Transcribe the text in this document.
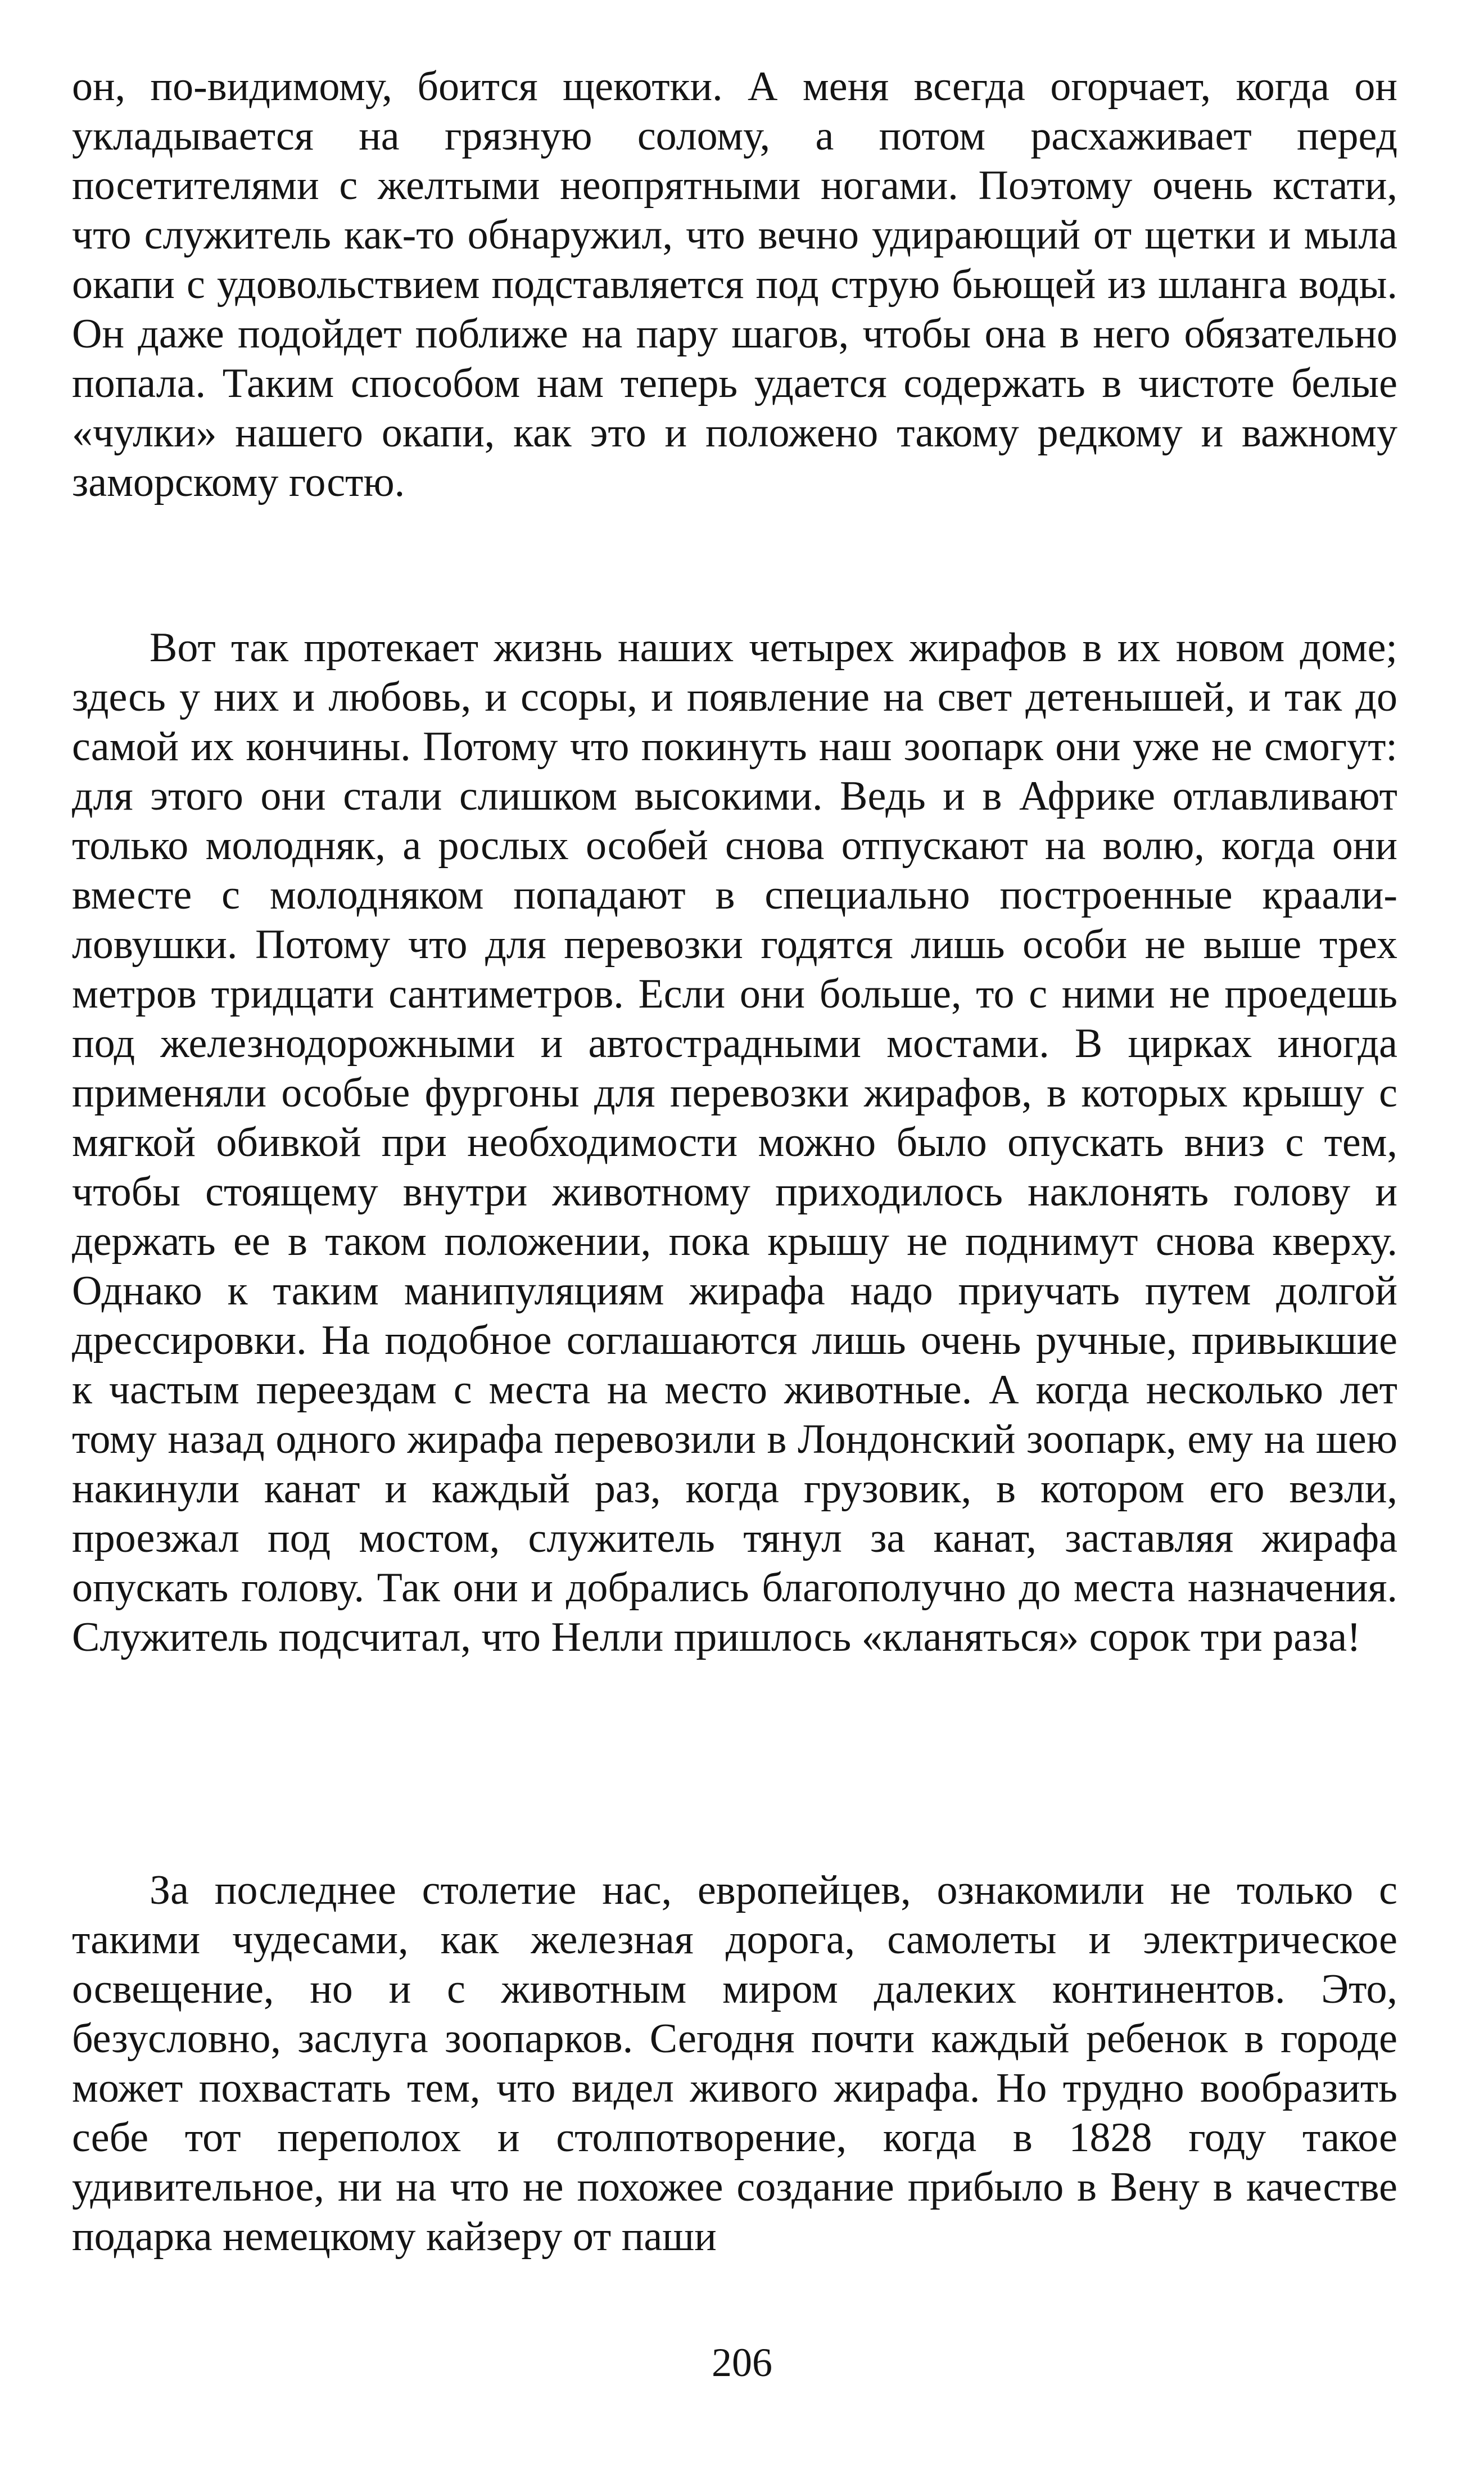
он, по-видимому, боится щекотки. А меня всегда огорчает, когда он укладывается на грязную солому, а потом расхаживает перед посетителями с желтыми неопрятными ногами. Поэтому очень кстати, что служитель как-то обнаружил, что вечно удирающий от щетки и мыла окапи с удовольствием подставляется под струю бьющей из шланга воды. Он даже подойдет поближе на пару шагов, чтобы она в него обязательно попала. Таким способом нам теперь удается содержать в чистоте белые «чулки» нашего окапи, как это и положено такому редкому и важному заморскому гостю.

Вот так протекает жизнь наших четырех жирафов в их новом доме; здесь у них и любовь, и ссоры, и появление на свет детенышей, и так до самой их кончины. Потому что покинуть наш зоопарк они уже не смогут: для этого они стали слишком высокими. Ведь и в Африке отлавливают только молодняк, а рослых особей снова отпускают на волю, когда они вместе с молодняком попадают в специально построенные краали-ловушки. Потому что для перевозки годятся лишь особи не выше трех метров тридцати сантиметров. Если они больше, то с ними не проедешь под железнодорожными и автострадными мостами. В цирках иногда применяли особые фургоны для перевозки жирафов, в которых крышу с мягкой обивкой при необходимости можно было опускать вниз с тем, чтобы стоящему внутри животному приходилось наклонять голову и держать ее в таком положении, пока крышу не поднимут снова кверху. Однако к таким манипуляциям жирафа надо приучать путем долгой дрессировки. На подобное соглашаются лишь очень ручные, привыкшие к частым переездам с места на место животные. А когда несколько лет тому назад одного жирафа перевозили в Лондонский зоопарк, ему на шею накинули канат и каждый раз, когда грузовик, в котором его везли, проезжал под мостом, служитель тянул за канат, заставляя жирафа опускать голову. Так они и добрались благополучно до места назначения. Служитель подсчитал, что Нелли пришлось «кланяться» сорок три раза!

За последнее столетие нас, европейцев, ознакомили не только с такими чудесами, как железная дорога, самолеты и электрическое освещение, но и с животным миром далеких континентов. Это, безусловно, заслуга зоопарков. Сегодня почти каждый ребенок в городе может похвастать тем, что видел живого жирафа. Но трудно вообразить себе тот переполох и столпотворение, когда в 1828 году такое удивительное, ни на что не похожее создание прибыло в Вену в качестве подарка немецкому кайзеру от паши

206
